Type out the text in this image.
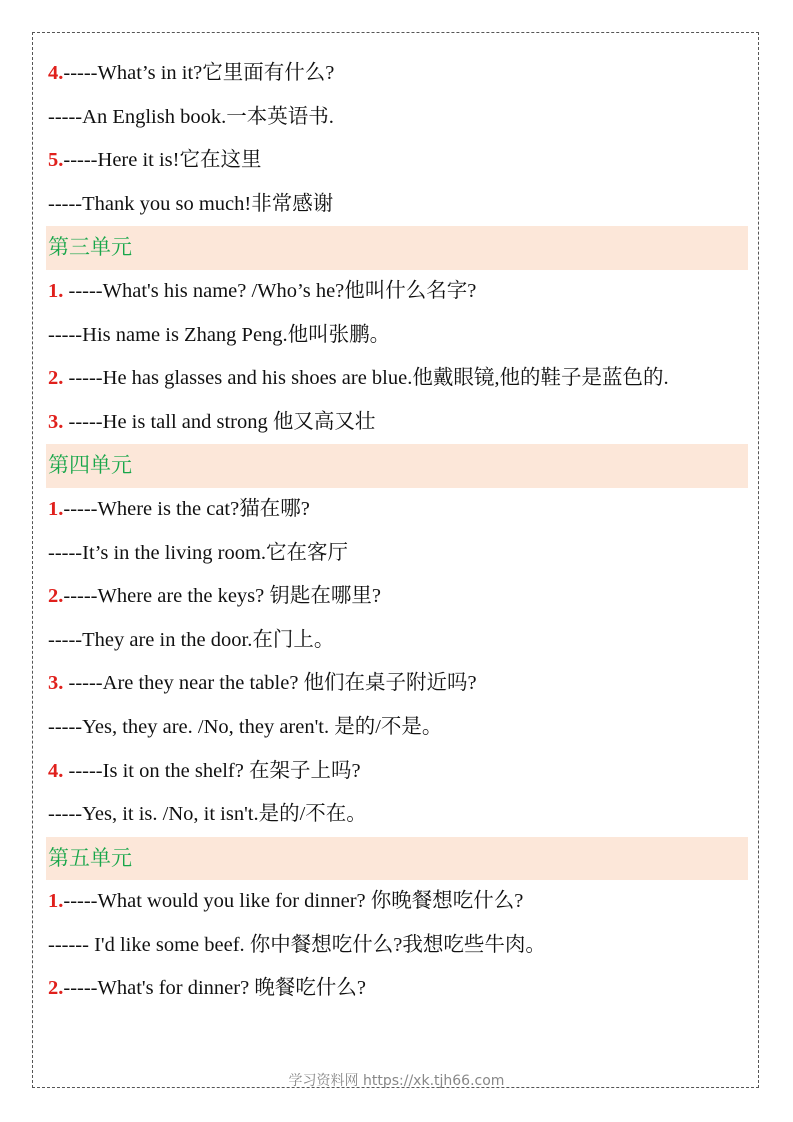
4.-----What’s in it?它里面有什么?
-----An English book.一本英语书.
5.-----Here it is!它在这里
-----Thank you so much!非常感谢
第三单元
1. -----What's his name? /Who’s he?他叫什么名字?
-----His name is Zhang Peng.他叫张鹏。
2. -----He has glasses and his shoes are blue.他戴眼镜,他的鞋子是蓝色的.
3. -----He is tall and strong 他又高又壮
第四单元
1.-----Where is the cat?猫在哪?
-----It’s in the living room.它在客厅
2.-----Where are the keys? 钥匙在哪里?
-----They are in the door.在门上。
3. -----Are they near the table? 他们在桌子附近吗?
-----Yes, they are. /No, they aren't. 是的/不是。
4. -----Is it on the shelf? 在架子上吗?
-----Yes, it is. /No, it isn't.是的/不在。
第五单元
1.-----What would you like for dinner? 你晚餐想吃什么?
------ I'd like some beef. 你中餐想吃什么?我想吃些牛肉。
2.-----What's for dinner? 晚餐吃什么?
学习资料网 https://xk.tjh66.com
